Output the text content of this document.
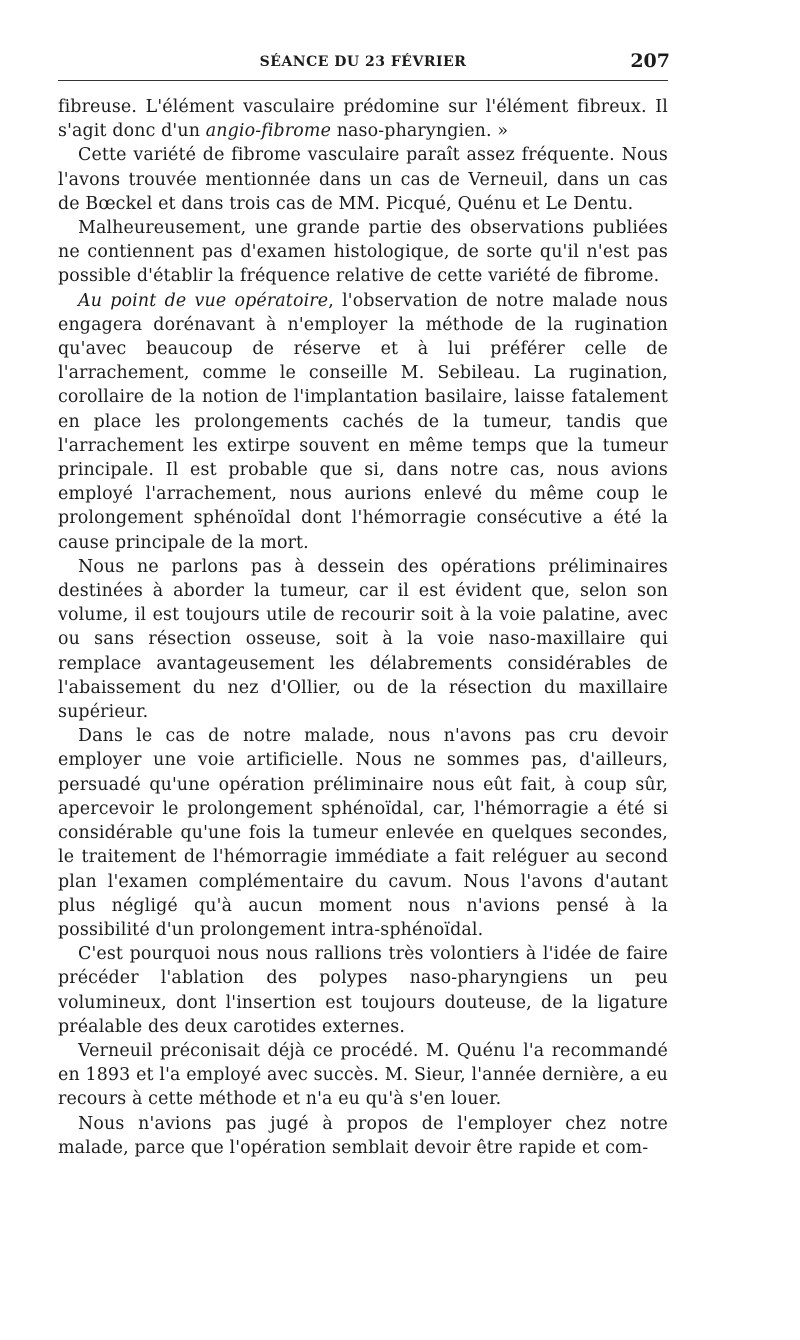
SÉANCE DU 23 FÉVRIER	207

fibreuse. L'élément vasculaire prédomine sur l'élément fibreux. Il s'agit donc d'un angio-fibrome naso-pharyngien. »

Cette variété de fibrome vasculaire paraît assez fréquente. Nous l'avons trouvée mentionnée dans un cas de Verneuil, dans un cas de Bœckel et dans trois cas de MM. Picqué, Quénu et Le Dentu.

Malheureusement, une grande partie des observations publiées ne contiennent pas d'examen histologique, de sorte qu'il n'est pas possible d'établir la fréquence relative de cette variété de fibrome.

Au point de vue opératoire, l'observation de notre malade nous engagera dorénavant à n'employer la méthode de la rugination qu'avec beaucoup de réserve et à lui préférer celle de l'arrachement, comme le conseille M. Sebileau. La rugination, corollaire de la notion de l'implantation basilaire, laisse fatalement en place les prolongements cachés de la tumeur, tandis que l'arrachement les extirpe souvent en même temps que la tumeur principale. Il est probable que si, dans notre cas, nous avions employé l'arrachement, nous aurions enlevé du même coup le prolongement sphénoïdal dont l'hémorragie consécutive a été la cause principale de la mort.

Nous ne parlons pas à dessein des opérations préliminaires destinées à aborder la tumeur, car il est évident que, selon son volume, il est toujours utile de recourir soit à la voie palatine, avec ou sans résection osseuse, soit à la voie naso-maxillaire qui remplace avantageusement les délabrements considérables de l'abaissement du nez d'Ollier, ou de la résection du maxillaire supérieur.

Dans le cas de notre malade, nous n'avons pas cru devoir employer une voie artificielle. Nous ne sommes pas, d'ailleurs, persuadé qu'une opération préliminaire nous eût fait, à coup sûr, apercevoir le prolongement sphénoïdal, car, l'hémorragie a été si considérable qu'une fois la tumeur enlevée en quelques secondes, le traitement de l'hémorragie immédiate a fait reléguer au second plan l'examen complémentaire du cavum. Nous l'avons d'autant plus négligé qu'à aucun moment nous n'avions pensé à la possibilité d'un prolongement intra-sphénoïdal.

C'est pourquoi nous nous rallions très volontiers à l'idée de faire précéder l'ablation des polypes naso-pharyngiens un peu volumineux, dont l'insertion est toujours douteuse, de la ligature préalable des deux carotides externes.

Verneuil préconisait déjà ce procédé. M. Quénu l'a recommandé en 1893 et l'a employé avec succès. M. Sieur, l'année dernière, a eu recours à cette méthode et n'a eu qu'à s'en louer.

Nous n'avions pas jugé à propos de l'employer chez notre malade, parce que l'opération semblait devoir être rapide et com-
